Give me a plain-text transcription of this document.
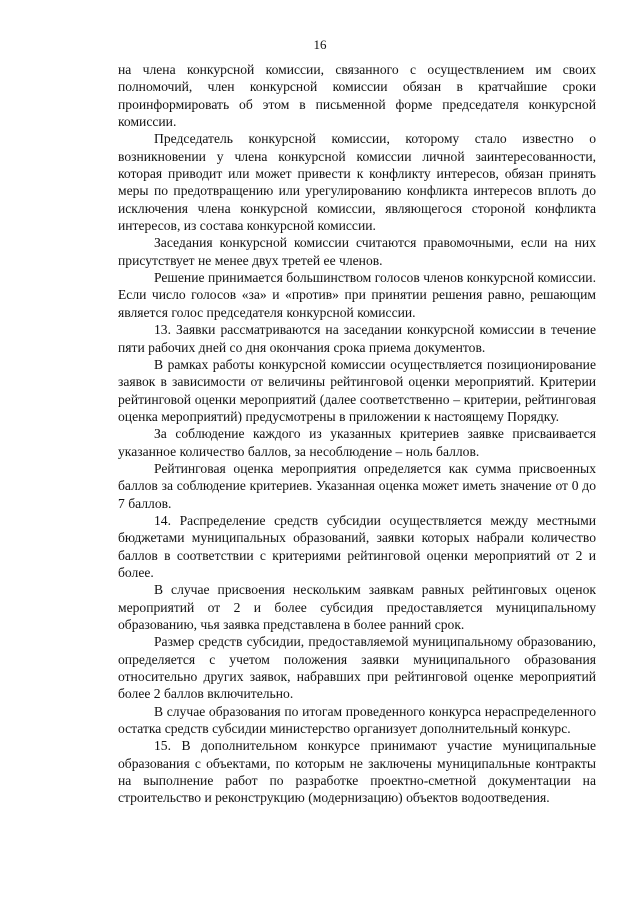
16

на члена конкурсной комиссии, связанного с осуществлением им своих полномочий, член конкурсной комиссии обязан в кратчайшие сроки проинформировать об этом в письменной форме председателя конкурсной комиссии.

Председатель конкурсной комиссии, которому стало известно о возникновении у члена конкурсной комиссии личной заинтересованности, которая приводит или может привести к конфликту интересов, обязан принять меры по предотвращению или урегулированию конфликта интересов вплоть до исключения члена конкурсной комиссии, являющегося стороной конфликта интересов, из состава конкурсной комиссии.

Заседания конкурсной комиссии считаются правомочными, если на них присутствует не менее двух третей ее членов.

Решение принимается большинством голосов членов конкурсной комиссии. Если число голосов «за» и «против» при принятии решения равно, решающим является голос председателя конкурсной комиссии.

13. Заявки рассматриваются на заседании конкурсной комиссии в течение пяти рабочих дней со дня окончания срока приема документов.

В рамках работы конкурсной комиссии осуществляется позиционирование заявок в зависимости от величины рейтинговой оценки мероприятий. Критерии рейтинговой оценки мероприятий (далее соответственно – критерии, рейтинговая оценка мероприятий) предусмотрены в приложении к настоящему Порядку.

За соблюдение каждого из указанных критериев заявке присваивается указанное количество баллов, за несоблюдение – ноль баллов.

Рейтинговая оценка мероприятия определяется как сумма присвоенных баллов за соблюдение критериев. Указанная оценка может иметь значение от 0 до 7 баллов.

14. Распределение средств субсидии осуществляется между местными бюджетами муниципальных образований, заявки которых набрали количество баллов в соответствии с критериями рейтинговой оценки мероприятий от 2 и более.

В случае присвоения нескольким заявкам равных рейтинговых оценок мероприятий от 2 и более субсидия предоставляется муниципальному образованию, чья заявка представлена в более ранний срок.

Размер средств субсидии, предоставляемой муниципальному образованию, определяется с учетом положения заявки муниципального образования относительно других заявок, набравших при рейтинговой оценке мероприятий более 2 баллов включительно.

В случае образования по итогам проведенного конкурса нераспределенного остатка средств субсидии министерство организует дополнительный конкурс.

15. В дополнительном конкурсе принимают участие муниципальные образования с объектами, по которым не заключены муниципальные контракты на выполнение работ по разработке проектно-сметной документации на строительство и реконструкцию (модернизацию) объектов водоотведения.
